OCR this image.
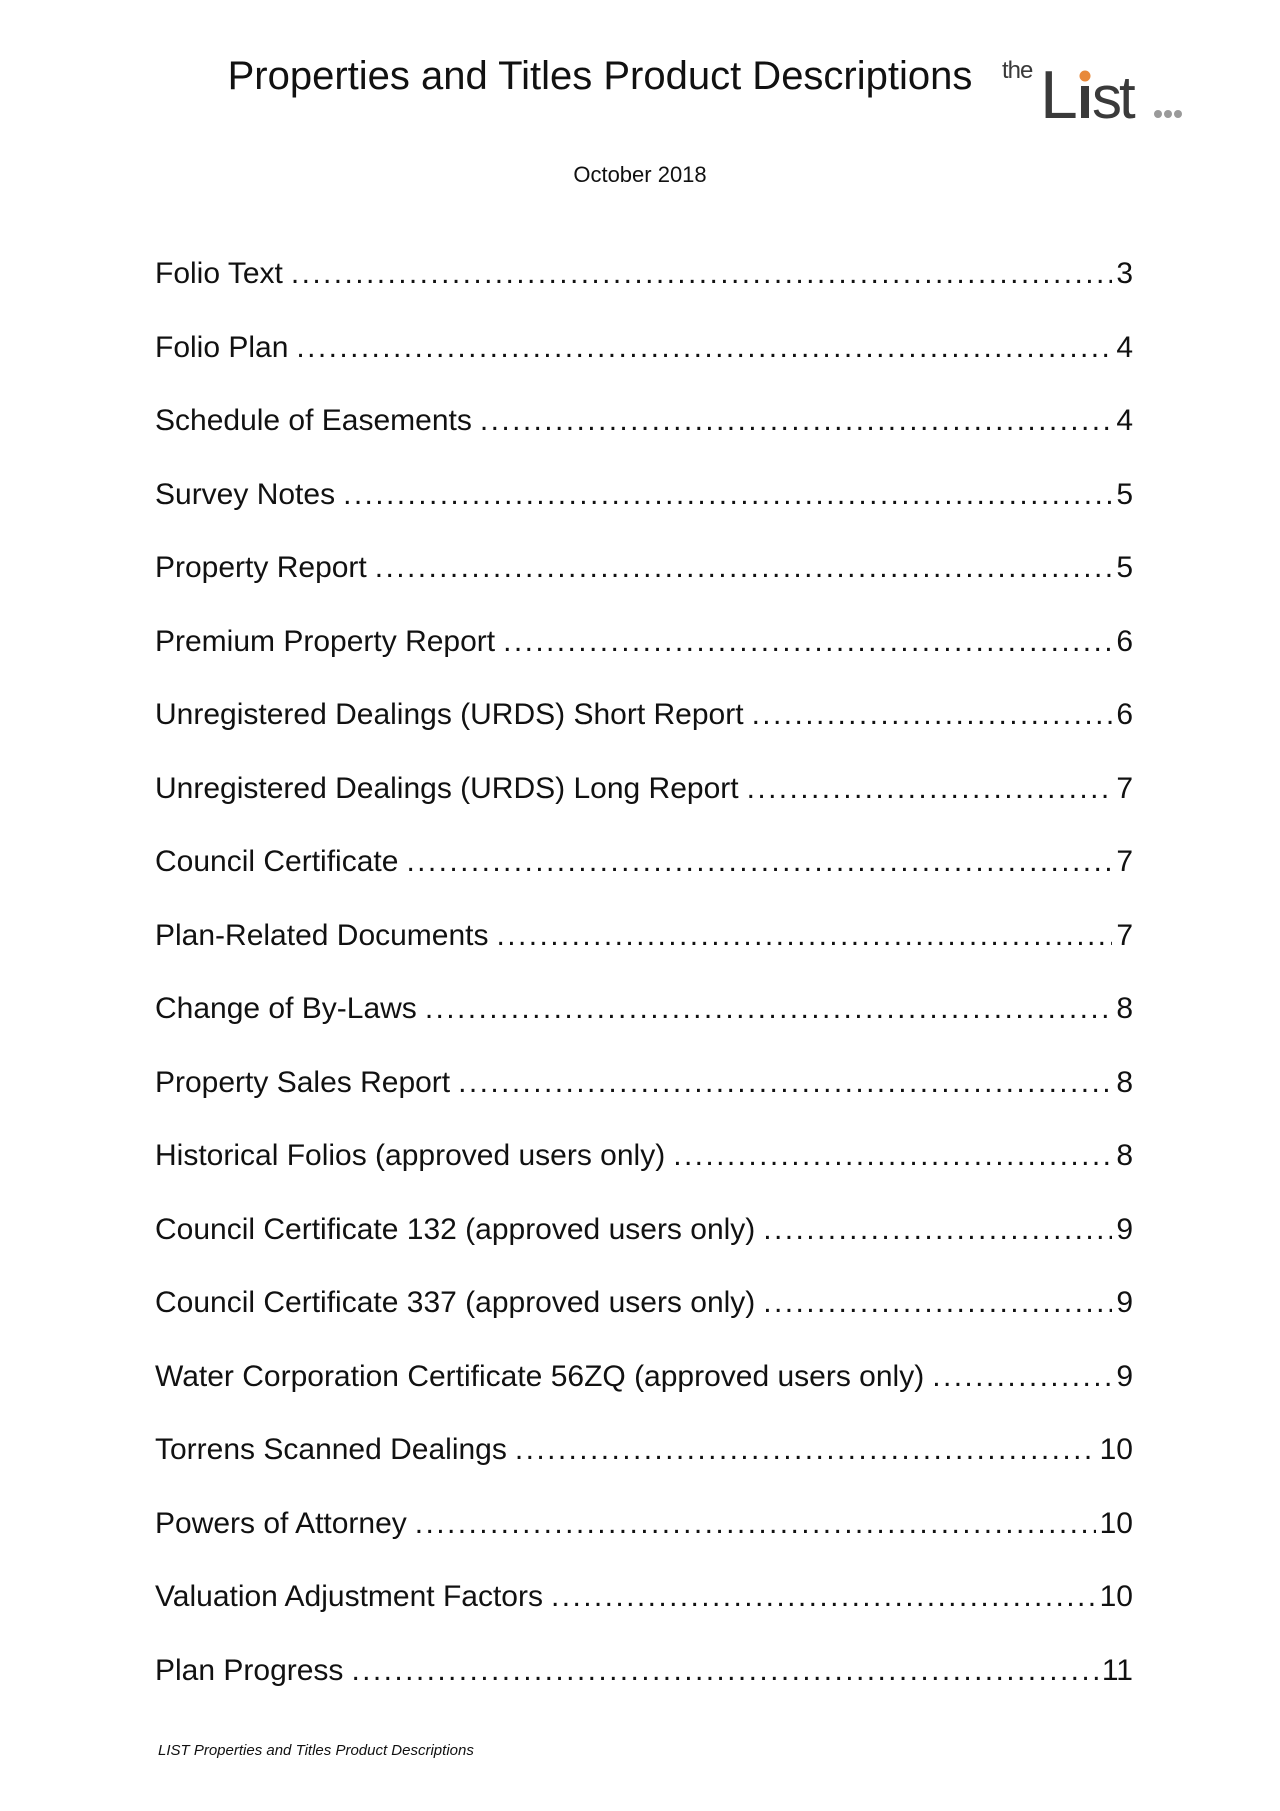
Properties and Titles Product Descriptions	the L st
October 2018
Folio Text .....	3
Folio Plan .....	4
Schedule of Easements .....	4
Survey Notes .....	5
Property Report .....	5
Premium Property Report .....	6
Unregistered Dealings (URDS) Short Report .....	6
Unregistered Dealings (URDS) Long Report .....	7
Council Certificate .....	7
Plan-Related Documents .....	7
Change of By-Laws .....	8
Property Sales Report .....	8
Historical Folios (approved users only) .....	8
Council Certificate 132 (approved users only) .....	9
Council Certificate 337 (approved users only) .....	9
Water Corporation Certificate 56ZQ (approved users only) .....	9
Torrens Scanned Dealings .....	10
Powers of Attorney .....	10
Valuation Adjustment Factors .....	10
Plan Progress .....	11
LIST Properties and Titles Product Descriptions
